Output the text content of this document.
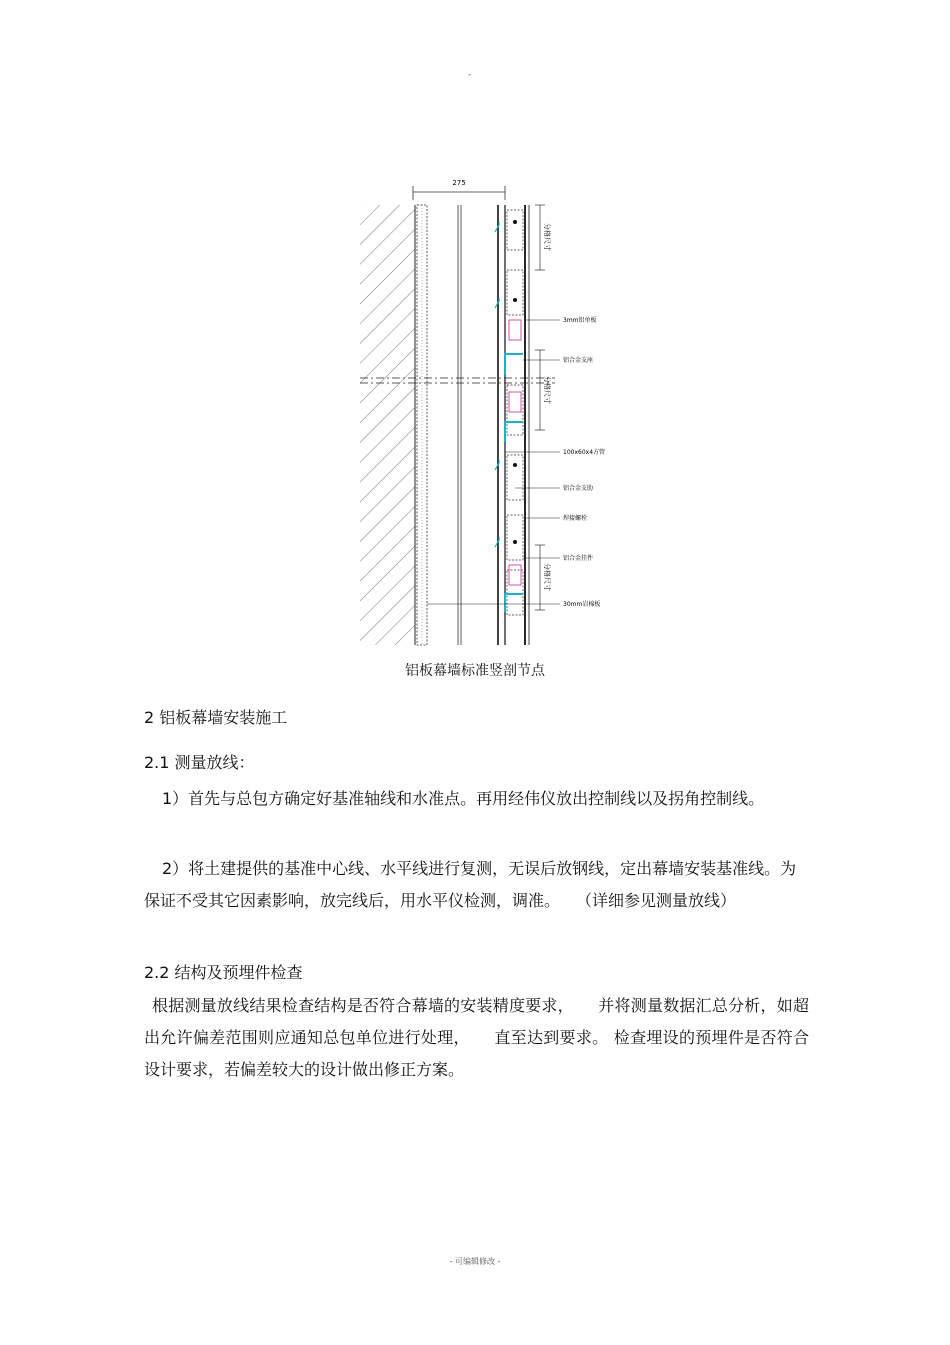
-
275
分格尺寸
分格尺寸
分格尺寸
3mm铝单板
铝合金支座
100x60x4方管
铝合金支肋
焊接螺栓
铝合金挂件
30mm岩棉板
铝板幕墙标准竖剖节点
2 铝板幕墙安装施工
2.1 测量放线：
1）首先与总包方确定好基准轴线和水准点。再用经伟仪放出控制线以及拐角控制线。
2）将土建提供的基准中心线、水平线进行复测，无误后放钢线，定出幕墙安装基准线。为保证不受其它因素影响，放完线后，用水平仪检测，调准。　　（详细参见测量放线）
2.2 结构及预埋件检查
根据测量放线结果检查结构是否符合幕墙的安装精度要求，　　并将测量数据汇总分析，如超出允许偏差范围则应通知总包单位进行处理，　　直至达到要求。 检查埋设的预埋件是否符合设计要求，若偏差较大的设计做出修正方案。
- 可编辑修改 -
